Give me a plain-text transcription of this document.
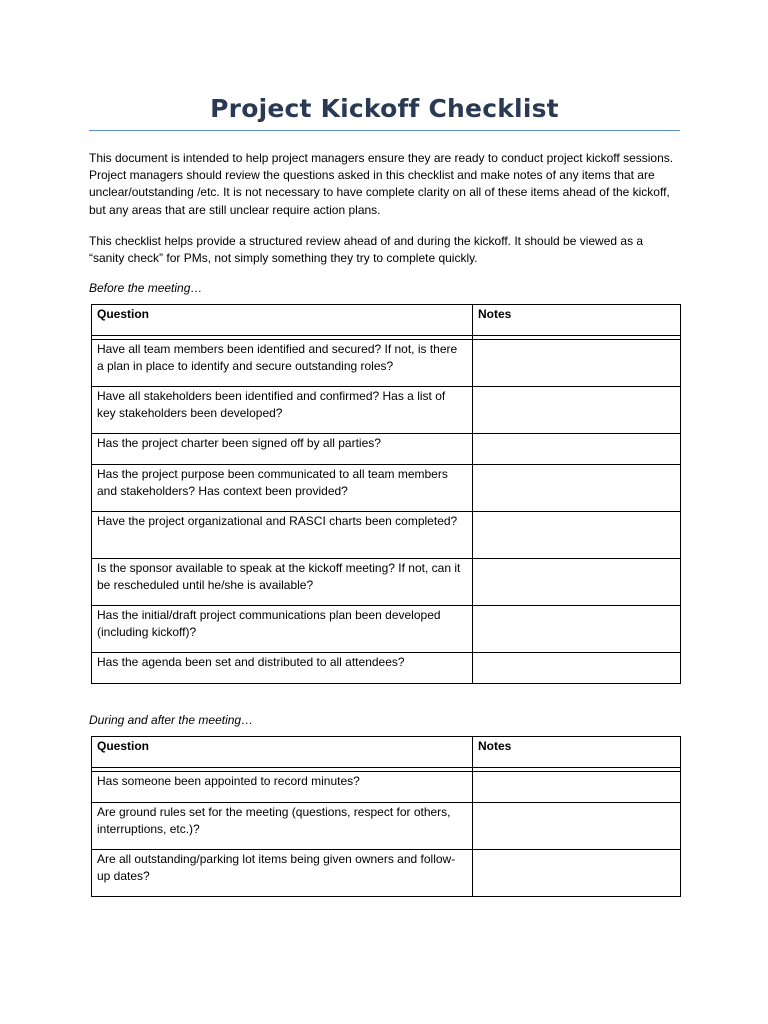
Project Kickoff Checklist

This document is intended to help project managers ensure they are ready to conduct project kickoff sessions. Project managers should review the questions asked in this checklist and make notes of any items that are unclear/outstanding /etc. It is not necessary to have complete clarity on all of these items ahead of the kickoff, but any areas that are still unclear require action plans.

This checklist helps provide a structured review ahead of and during the kickoff. It should be viewed as a “sanity check” for PMs, not simply something they try to complete quickly.

Before the meeting…

Question	Notes

Have all team members been identified and secured? If not, is there a plan in place to identify and secure outstanding roles?	

Have all stakeholders been identified and confirmed? Has a list of key stakeholders been developed?	

Has the project charter been signed off by all parties?	

Has the project purpose been communicated to all team members and stakeholders? Has context been provided?	

Have the project organizational and RASCI charts been completed?	

Is the sponsor available to speak at the kickoff meeting? If not, can it be rescheduled until he/she is available?	

Has the initial/draft project communications plan been developed (including kickoff)?	

Has the agenda been set and distributed to all attendees?	

During and after the meeting…

Question	Notes

Has someone been appointed to record minutes?	

Are ground rules set for the meeting (questions, respect for others, interruptions, etc.)?	

Are all outstanding/parking lot items being given owners and follow-up dates?	
